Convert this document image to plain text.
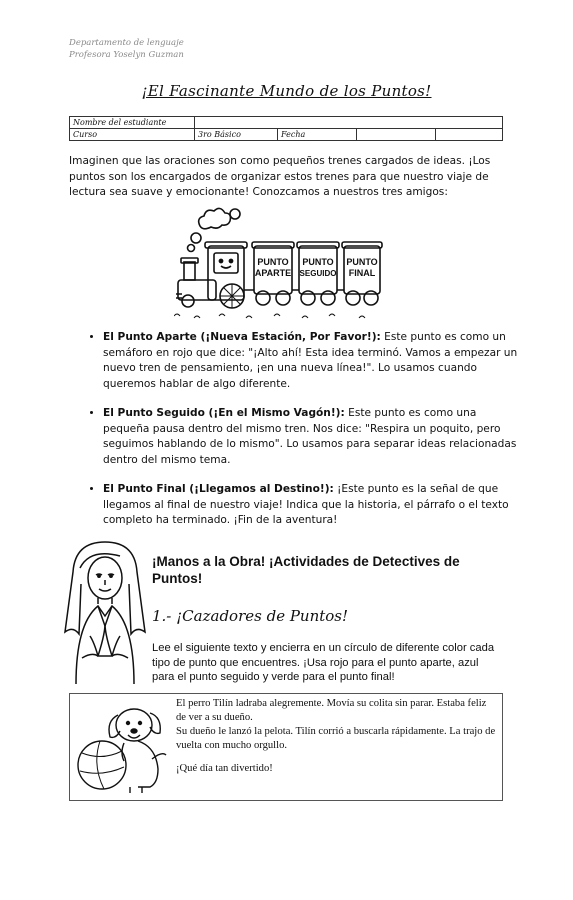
Departamento de lenguaje
Profesora Yoselyn Guzman
¡El Fascinante Mundo de los Puntos!
Nombre del estudiante				
Curso	3ro Básico	Fecha		
Imaginen que las oraciones son como pequeños trenes cargados de ideas. ¡Los puntos son los encargados de organizar estos trenes para que nuestro viaje de lectura sea suave y emocionante! Conozcamos a nuestros tres amigos:
PUNTO
APARTE
PUNTO
SEGUIDO
PUNTO
FINAL
• El Punto Aparte (¡Nueva Estación, Por Favor!): Este punto es como un semáforo en rojo que dice: "¡Alto ahí! Esta idea terminó. Vamos a empezar un nuevo tren de pensamiento, ¡en una nueva línea!". Lo usamos cuando queremos hablar de algo diferente.
• El Punto Seguido (¡En el Mismo Vagón!): Este punto es como una pequeña pausa dentro del mismo tren. Nos dice: "Respira un poquito, pero seguimos hablando de lo mismo". Lo usamos para separar ideas relacionadas dentro del mismo tema.
• El Punto Final (¡Llegamos al Destino!): ¡Este punto es la señal de que llegamos al final de nuestro viaje! Indica que la historia, el párrafo o el texto completo ha terminado. ¡Fin de la aventura!
¡Manos a la Obra! ¡Actividades de Detectives de Puntos!
1.- ¡Cazadores de Puntos!
Lee el siguiente texto y encierra en un círculo de diferente color cada tipo de punto que encuentres. ¡Usa rojo para el punto aparte, azul para el punto seguido y verde para el punto final!

El perro Tilín ladraba alegremente. Movía su colita sin parar. Estaba feliz de ver a su dueño.

Su dueño le lanzó la pelota. Tilín corrió a buscarla rápidamente. La trajo de vuelta con mucho orgullo.

¡Qué día tan divertido!
